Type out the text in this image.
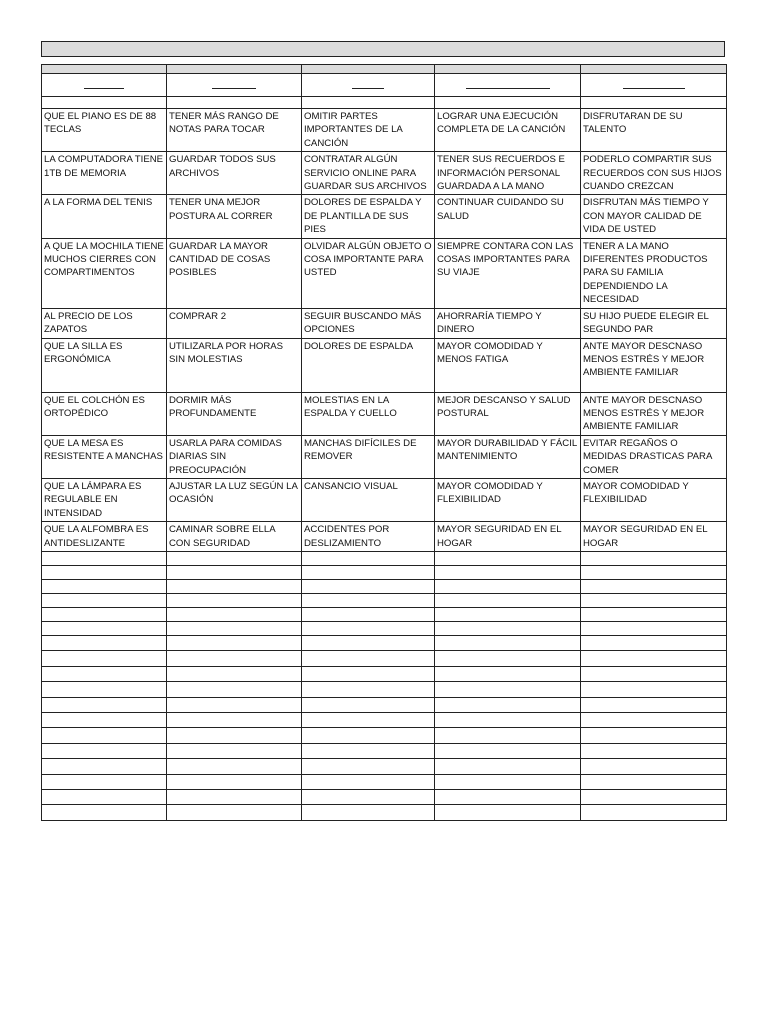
QUE EL PIANO ES DE 88 TECLAS	TENER MÁS RANGO DE NOTAS PARA TOCAR	OMITIR PARTES IMPORTANTES DE LA CANCIÓN	LOGRAR UNA EJECUCIÓN COMPLETA DE LA CANCIÓN	DISFRUTARAN DE SU TALENTO
LA COMPUTADORA TIENE 1TB DE MEMORIA	GUARDAR TODOS SUS ARCHIVOS	CONTRATAR ALGÚN SERVICIO ONLINE PARA GUARDAR SUS ARCHIVOS	TENER SUS RECUERDOS E INFORMACIÓN PERSONAL GUARDADA A LA MANO	PODERLO COMPARTIR SUS RECUERDOS CON SUS HIJOS CUANDO CREZCAN
A LA FORMA DEL TENIS	TENER UNA MEJOR POSTURA AL CORRER	DOLORES DE ESPALDA Y DE PLANTILLA DE SUS PIES	CONTINUAR CUIDANDO SU SALUD	DISFRUTAN MÁS TIEMPO Y CON MAYOR CALIDAD DE VIDA DE USTED
A QUE LA MOCHILA TIENE MUCHOS CIERRES CON COMPARTIMENTOS	GUARDAR LA MAYOR CANTIDAD DE COSAS POSIBLES	OLVIDAR ALGÚN OBJETO O COSA IMPORTANTE PARA USTED	SIEMPRE CONTARA CON LAS COSAS IMPORTANTES PARA SU VIAJE	TENER A LA MANO DIFERENTES PRODUCTOS PARA SU FAMILIA DEPENDIENDO LA NECESIDAD
AL PRECIO DE LOS ZAPATOS	COMPRAR 2	SEGUIR BUSCANDO MÁS OPCIONES	AHORRARÍA TIEMPO Y DINERO	SU HIJO PUEDE ELEGIR EL SEGUNDO PAR
QUE LA SILLA ES ERGONÓMICA	UTILIZARLA POR HORAS SIN MOLESTIAS	DOLORES DE ESPALDA	MAYOR COMODIDAD Y MENOS FATIGA	ANTE MAYOR DESCNASO MENOS ESTRÉS Y MEJOR AMBIENTE FAMILIAR
QUE EL COLCHÓN ES ORTOPÉDICO	DORMIR MÁS PROFUNDAMENTE	MOLESTIAS EN LA ESPALDA Y CUELLO	MEJOR DESCANSO Y SALUD POSTURAL	ANTE MAYOR DESCNASO MENOS ESTRÉS Y MEJOR AMBIENTE FAMILIAR
QUE LA MESA ES RESISTENTE A MANCHAS	USARLA PARA COMIDAS DIARIAS SIN PREOCUPACIÓN	MANCHAS DIFÍCILES DE REMOVER	MAYOR DURABILIDAD Y FÁCIL MANTENIMIENTO	EVITAR REGAÑOS O MEDIDAS DRASTICAS PARA COMER
QUE LA LÁMPARA ES REGULABLE EN INTENSIDAD	AJUSTAR LA LUZ SEGÚN LA OCASIÓN	CANSANCIO VISUAL	MAYOR COMODIDAD Y FLEXIBILIDAD	MAYOR COMODIDAD Y FLEXIBILIDAD
QUE LA ALFOMBRA ES ANTIDESLIZANTE	CAMINAR SOBRE ELLA CON SEGURIDAD	ACCIDENTES POR DESLIZAMIENTO	MAYOR SEGURIDAD EN EL HOGAR	MAYOR SEGURIDAD EN EL HOGAR
